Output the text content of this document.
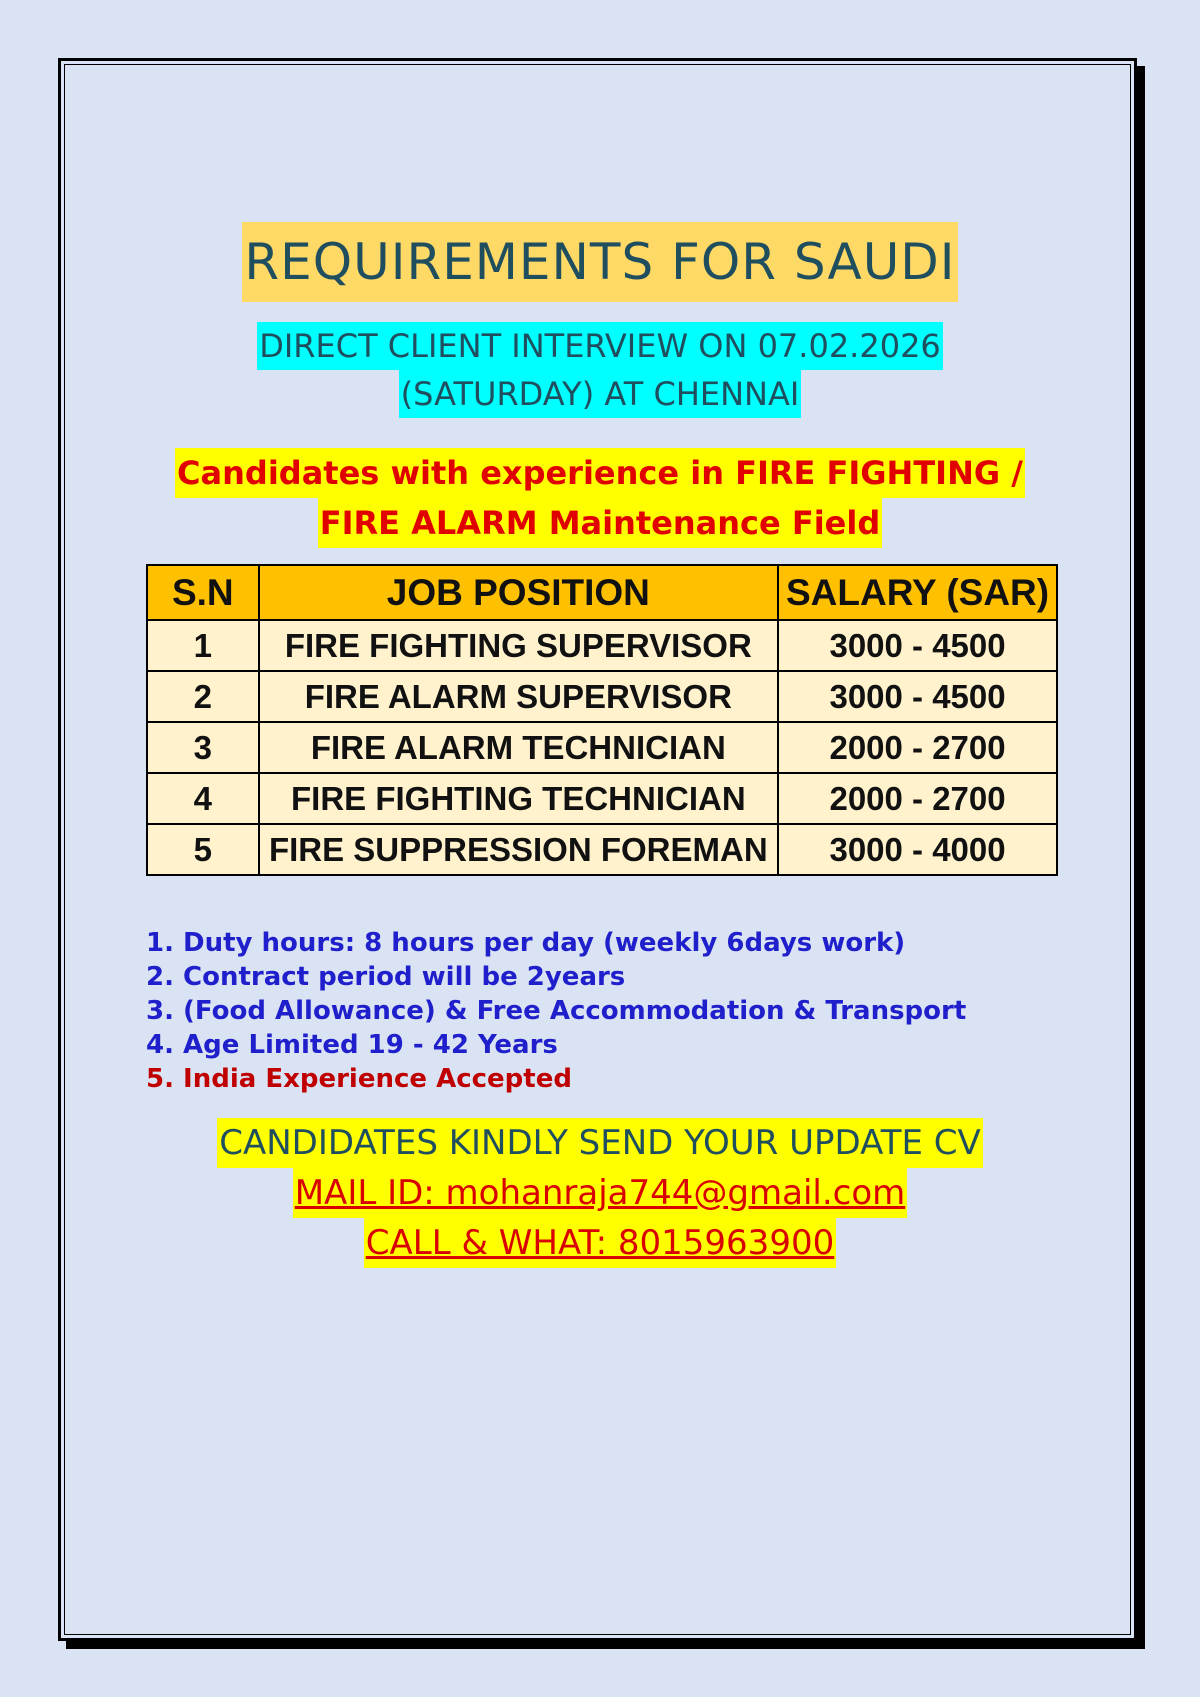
REQUIREMENTS FOR SAUDI
DIRECT CLIENT INTERVIEW ON 07.02.2026
(SATURDAY) AT CHENNAI
Candidates with experience in FIRE FIGHTING /
FIRE ALARM Maintenance Field
S.N	JOB POSITION	SALARY (SAR)
1	FIRE FIGHTING SUPERVISOR	3000 - 4500
2	FIRE ALARM SUPERVISOR	3000 - 4500
3	FIRE ALARM TECHNICIAN	2000 - 2700
4	FIRE FIGHTING TECHNICIAN	2000 - 2700
5	FIRE SUPPRESSION FOREMAN	3000 - 4000
1. Duty hours: 8 hours per day (weekly 6days work)
2. Contract period will be 2years
3. (Food Allowance) & Free Accommodation & Transport
4. Age Limited 19 - 42 Years
5. India Experience Accepted
CANDIDATES KINDLY SEND YOUR UPDATE CV
MAIL ID: mohanraja744@gmail.com
CALL & WHAT: 8015963900
